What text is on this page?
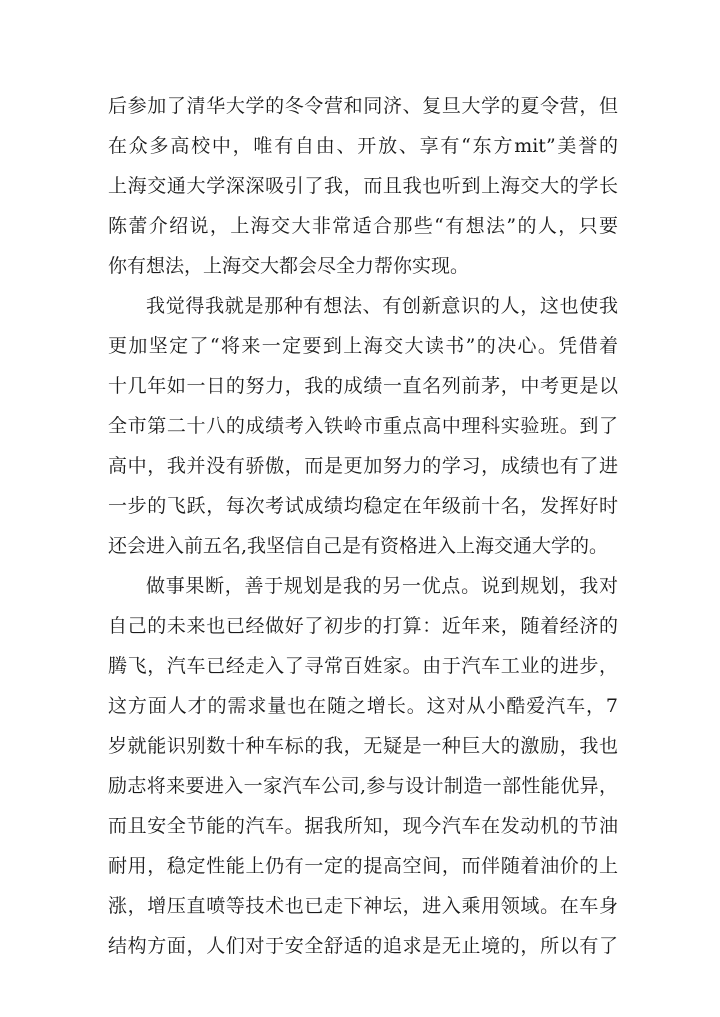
后参加了清华大学的冬令营和同济、复旦大学的夏令营，但
在众多高校中，唯有自由、开放、享有“东方mit”美誉的
上海交通大学深深吸引了我，而且我也听到上海交大的学长
陈蕾介绍说，上海交大非常适合那些“有想法”的人，只要
你有想法，上海交大都会尽全力帮你实现。
我觉得我就是那种有想法、有创新意识的人，这也使我
更加坚定了“将来一定要到上海交大读书”的决心。凭借着
十几年如一日的努力，我的成绩一直名列前茅，中考更是以
全市第二十八的成绩考入铁岭市重点高中理科实验班。到了
高中，我并没有骄傲，而是更加努力的学习，成绩也有了进
一步的飞跃，每次考试成绩均稳定在年级前十名，发挥好时
还会进入前五名,我坚信自己是有资格进入上海交通大学的。
做事果断，善于规划是我的另一优点。说到规划，我对
自己的未来也已经做好了初步的打算：近年来，随着经济的
腾飞，汽车已经走入了寻常百姓家。由于汽车工业的进步，
这方面人才的需求量也在随之增长。这对从小酷爱汽车，7
岁就能识别数十种车标的我，无疑是一种巨大的激励，我也
励志将来要进入一家汽车公司,参与设计制造一部性能优异，
而且安全节能的汽车。据我所知，现今汽车在发动机的节油
耐用，稳定性能上仍有一定的提高空间，而伴随着油价的上
涨，增压直喷等技术也已走下神坛，进入乘用领域。在车身
结构方面，人们对于安全舒适的追求是无止境的，所以有了
